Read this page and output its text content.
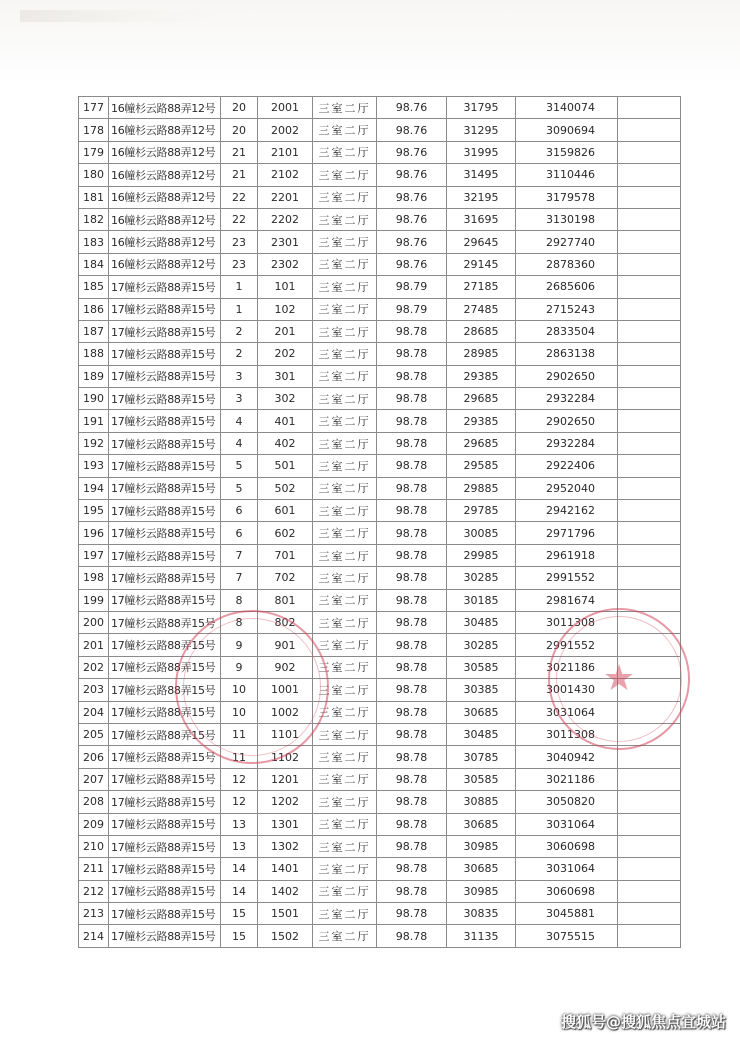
177	16幢杉云路88弄12号	20	2001	三室二厅	98.76	31795	3140074	
178	16幢杉云路88弄12号	20	2002	三室二厅	98.76	31295	3090694	
179	16幢杉云路88弄12号	21	2101	三室二厅	98.76	31995	3159826	
180	16幢杉云路88弄12号	21	2102	三室二厅	98.76	31495	3110446	
181	16幢杉云路88弄12号	22	2201	三室二厅	98.76	32195	3179578	
182	16幢杉云路88弄12号	22	2202	三室二厅	98.76	31695	3130198	
183	16幢杉云路88弄12号	23	2301	三室二厅	98.76	29645	2927740	
184	16幢杉云路88弄12号	23	2302	三室二厅	98.76	29145	2878360	
185	17幢杉云路88弄15号	1	101	三室二厅	98.79	27185	2685606	
186	17幢杉云路88弄15号	1	102	三室二厅	98.79	27485	2715243	
187	17幢杉云路88弄15号	2	201	三室二厅	98.78	28685	2833504	
188	17幢杉云路88弄15号	2	202	三室二厅	98.78	28985	2863138	
189	17幢杉云路88弄15号	3	301	三室二厅	98.78	29385	2902650	
190	17幢杉云路88弄15号	3	302	三室二厅	98.78	29685	2932284	
191	17幢杉云路88弄15号	4	401	三室二厅	98.78	29385	2902650	
192	17幢杉云路88弄15号	4	402	三室二厅	98.78	29685	2932284	
193	17幢杉云路88弄15号	5	501	三室二厅	98.78	29585	2922406	
194	17幢杉云路88弄15号	5	502	三室二厅	98.78	29885	2952040	
195	17幢杉云路88弄15号	6	601	三室二厅	98.78	29785	2942162	
196	17幢杉云路88弄15号	6	602	三室二厅	98.78	30085	2971796	
197	17幢杉云路88弄15号	7	701	三室二厅	98.78	29985	2961918	
198	17幢杉云路88弄15号	7	702	三室二厅	98.78	30285	2991552	
199	17幢杉云路88弄15号	8	801	三室二厅	98.78	30185	2981674	
200	17幢杉云路88弄15号	8	802	三室二厅	98.78	30485	3011308	
201	17幢杉云路88弄15号	9	901	三室二厅	98.78	30285	2991552	
202	17幢杉云路88弄15号	9	902	三室二厅	98.78	30585	3021186	
203	17幢杉云路88弄15号	10	1001	三室二厅	98.78	30385	3001430	
204	17幢杉云路88弄15号	10	1002	三室二厅	98.78	30685	3031064	
205	17幢杉云路88弄15号	11	1101	三室二厅	98.78	30485	3011308	
206	17幢杉云路88弄15号	11	1102	三室二厅	98.78	30785	3040942	
207	17幢杉云路88弄15号	12	1201	三室二厅	98.78	30585	3021186	
208	17幢杉云路88弄15号	12	1202	三室二厅	98.78	30885	3050820	
209	17幢杉云路88弄15号	13	1301	三室二厅	98.78	30685	3031064	
210	17幢杉云路88弄15号	13	1302	三室二厅	98.78	30985	3060698	
211	17幢杉云路88弄15号	14	1401	三室二厅	98.78	30685	3031064	
212	17幢杉云路88弄15号	14	1402	三室二厅	98.78	30985	3060698	
213	17幢杉云路88弄15号	15	1501	三室二厅	98.78	30835	3045881	
214	17幢杉云路88弄15号	15	1502	三室二厅	98.78	31135	3075515	
★
搜狐号@搜狐焦点宜城站
